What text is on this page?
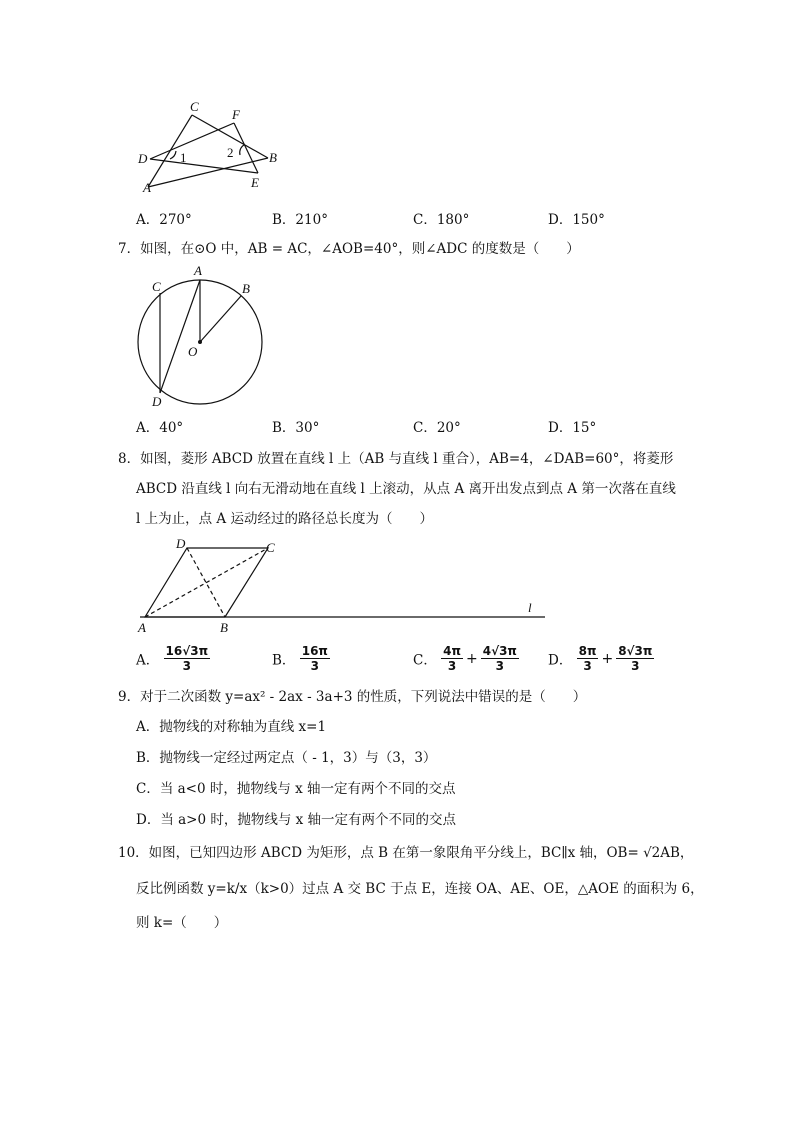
C
F
D	1	2	B
A	E
A．270°	B．210°	C．180°	D．150°
7．如图，在⊙O 中，AB = AC，∠AOB=40°，则∠ADC 的度数是（　　）
C
A
B
O
D
A．40°	B．30°	C．20°	D．15°
8．如图，菱形 ABCD 放置在直线 l 上（AB 与直线 l 重合），AB=4，∠DAB=60°，将菱形
ABCD 沿直线 l 向右无滑动地在直线 l 上滚动，从点 A 离开出发点到点 A 第一次落在直线
l 上为止，点 A 运动经过的路径总长度为（　　）
D	C
A	B
l
A． $\frac{16√3\pi}{3}$	B． $\frac{16\pi}{3}$	C． $\frac{4\pi}{3} + \frac{4√3\pi}{3}$ D． $\frac{8\pi}{3} + \frac{8√3\pi}{3}$
9．对于二次函数 y=ax² - 2ax - 3a+3 的性质，下列说法中错误的是（　　）
A．抛物线的对称轴为直线 x=1
B．抛物线一定经过两定点（ - 1，3）与（3，3）
C．当 a<0 时，抛物线与 x 轴一定有两个不同的交点
D．当 a>0 时，抛物线与 x 轴一定有两个不同的交点
10．如图，已知四边形 ABCD 为矩形，点 B 在第一象限角平分线上，BC∥x 轴，OB= √2AB，
反比例函数 y=k/x（k>0）过点 A 交 BC 于点 E，连接 OA、AE、OE，△AOE 的面积为 6，
则 k=（　　）
